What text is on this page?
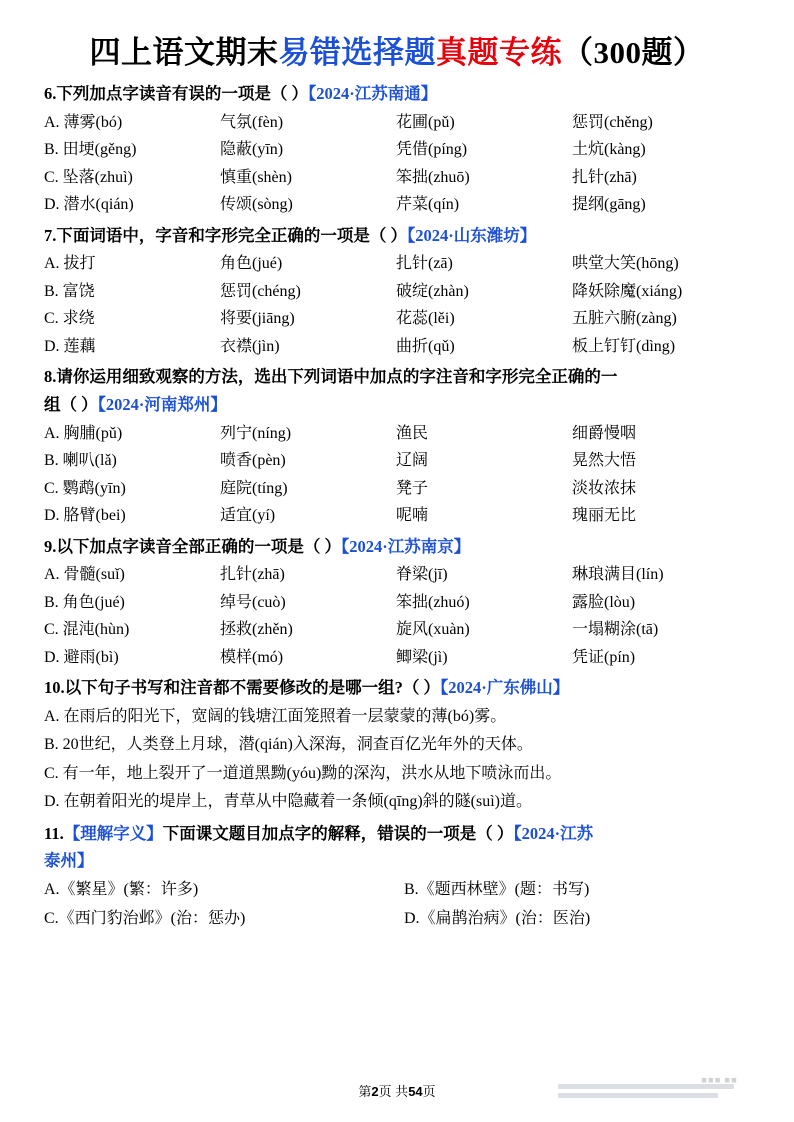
四上语文期末易错选择题真题专练（300题）
6.下列加点字读音有误的一项是（ ）【2024·江苏南通】
A. 薄雾(bó)	气氛(fèn)	花圃(pǔ)	惩罚(chěng)
B. 田埂(gěng)	隐蔽(yīn)	凭借(píng)	土炕(kàng)
C. 坠落(zhuì)	慎重(shèn)	笨拙(zhuō)	扎针(zhā)
D. 潜水(qián)	传颂(sòng)	芹菜(qín)	提纲(gāng)
7.下面词语中，字音和字形完全正确的一项是（ ）【2024·山东潍坊】
A. 拔打	角色(jué)	扎针(zā)	哄堂大笑(hōng)
B. 富饶	惩罚(chéng)	破绽(zhàn)	降妖除魔(xiáng)
C. 求绕	将要(jiāng)	花蕊(lěi)	五脏六腑(zàng)
D. 莲藕	衣襟(jìn)	曲折(qǔ)	板上钉钉(dìng)
8.请你运用细致观察的方法，选出下列词语中加点的字注音和字形完全正确的一
组（ ）【2024·河南郑州】
A. 胸脯(pǔ)	列宁(níng)	渔民	细爵慢咽
B. 喇叭(lǎ)	喷香(pèn)	辽阔	晃然大悟
C. 鹦鹉(yīn)	庭院(tíng)	凳子	淡妆浓抹
D. 胳臂(bei)	适宜(yí)	呢喃	瑰丽无比
9.以下加点字读音全部正确的一项是（ ）【2024·江苏南京】
A. 骨髓(suǐ)	扎针(zhā)	脊梁(jī)	琳琅满目(lín)
B. 角色(jué)	绰号(cuò)	笨拙(zhuó)	露脸(lòu)
C. 混沌(hùn)	拯救(zhěn)	旋风(xuàn)	一塌糊涂(tā)
D. 避雨(bì)	模样(mó)	鲫梁(jì)	凭证(pín)
10.以下句子书写和注音都不需要修改的是哪一组?（ ）【2024·广东佛山】
A. 在雨后的阳光下，宽阔的钱塘江面笼照着一层蒙蒙的薄(bó)雾。
B. 20世纪，人类登上月球，潜(qián)入深海，洞查百亿光年外的天体。
C. 有一年，地上裂开了一道道黑黝(yóu)黝的深沟，洪水从地下喷泳而出。
D. 在朝着阳光的堤岸上，青草从中隐藏着一条倾(qīng)斜的隧(suì)道。
11.【理解字义】下面课文题目加点字的解释，错误的一项是（ ）【2024·江苏
泰州】
A.《繁星》(繁：许多)	B.《题西林壁》(题：书写)
C.《西门豹治邺》(治：惩办)	D.《扁鹊治病》(治：医治)
第2页 共54页
◼◼◼ ◼◼
